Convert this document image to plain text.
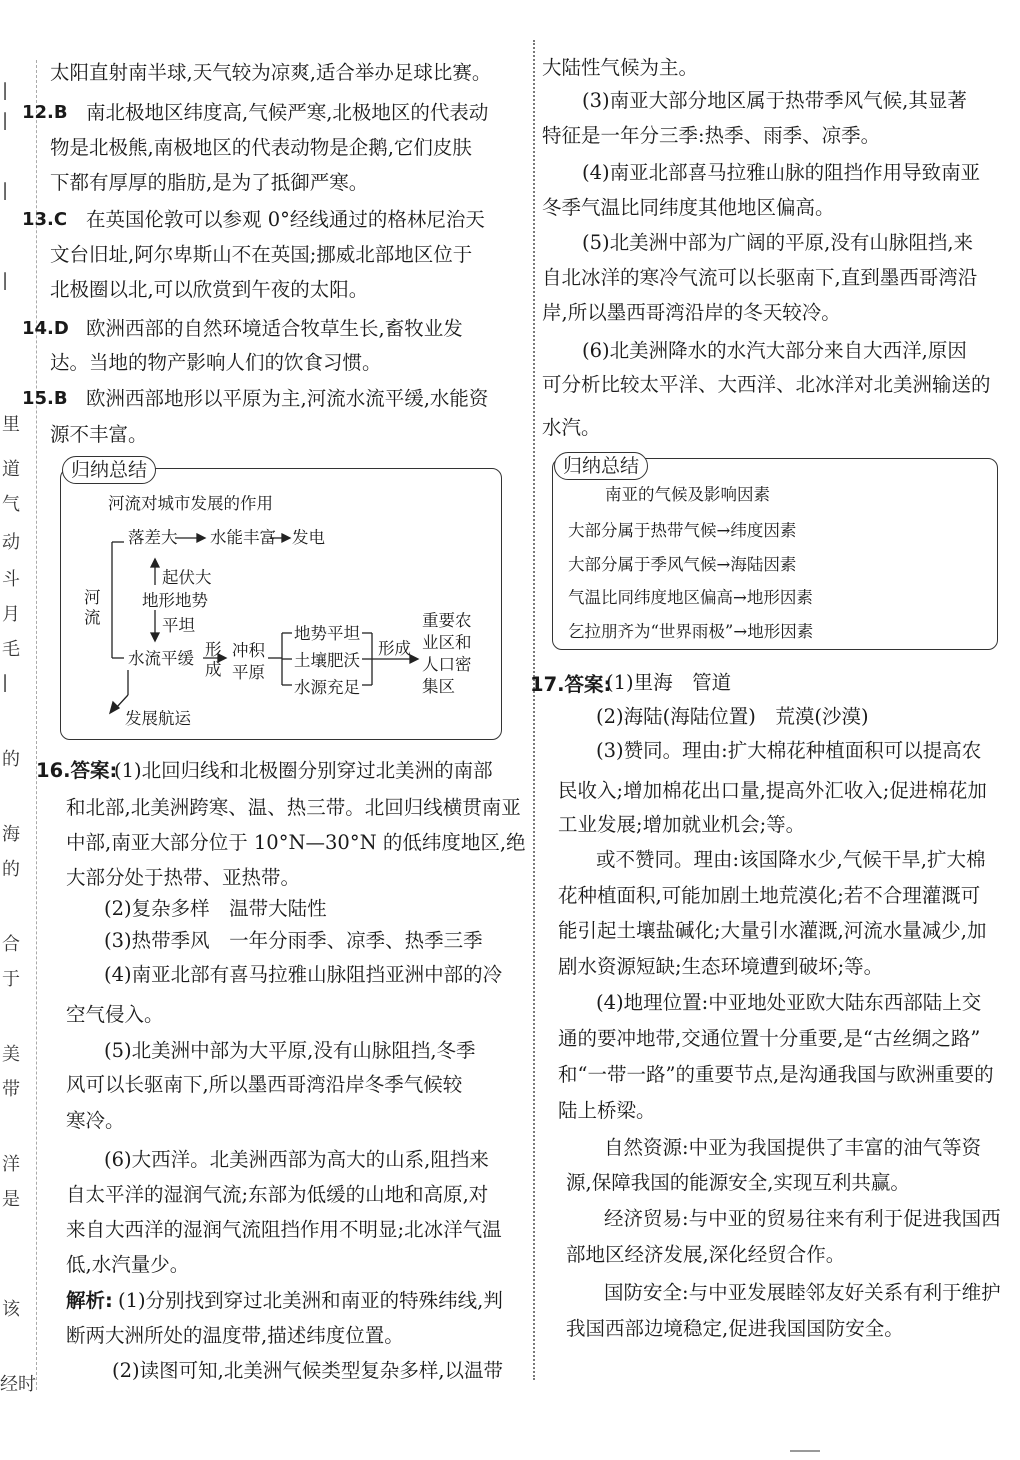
|
|
|
|
里
道
气
动
斗
月
毛
|
的
海
的
合
于
美
带
洋
是
该
经时
太阳直射南半球,天气较为凉爽,适合举办足球比赛。
12.B 南北极地区纬度高,气候严寒,北极地区的代表动
物是北极熊,南极地区的代表动物是企鹅,它们皮肤
下都有厚厚的脂肪,是为了抵御严寒。
13.C 在英国伦敦可以参观 0°经线通过的格林尼治天
文台旧址,阿尔卑斯山不在英国;挪威北部地区位于
北极圈以北,可以欣赏到午夜的太阳。
14.D 欧洲西部的自然环境适合牧草生长,畜牧业发
达。当地的物产影响人们的饮食习惯。
15.B 欧洲西部地形以平原为主,河流水流平缓,水能资
源不丰富。
归纳总结
河流对城市发展的作用
落差大 水能丰富 发电
起伏大
地形地势
平坦
河流
水流平缓 形成
冲积平原
地势平坦
土壤肥沃
水源充足
形成
重要农业区和人口密集区
发展航运
16.答案:
(1)北回归线和北极圈分别穿过北美洲的南部
和北部,北美洲跨寒、温、热三带。北回归线横贯南亚
中部,南亚大部分位于 10°N—30°N 的低纬度地区,绝
大部分处于热带、亚热带。
(2)复杂多样　温带大陆性
(3)热带季风　一年分雨季、凉季、热季三季
(4)南亚北部有喜马拉雅山脉阻挡亚洲中部的冷
空气侵入。
(5)北美洲中部为大平原,没有山脉阻挡,冬季
风可以长驱南下,所以墨西哥湾沿岸冬季气候较
寒冷。
(6)大西洋。北美洲西部为高大的山系,阻挡来
自太平洋的湿润气流;东部为低缓的山地和高原,对
来自大西洋的湿润气流阻挡作用不明显;北冰洋气温
低,水汽量少。
解析: (1)分别找到穿过北美洲和南亚的特殊纬线,判
断两大洲所处的温度带,描述纬度位置。
(2)读图可知,北美洲气候类型复杂多样,以温带
大陆性气候为主。
(3)南亚大部分地区属于热带季风气候,其显著
特征是一年分三季:热季、雨季、凉季。
(4)南亚北部喜马拉雅山脉的阻挡作用导致南亚
冬季气温比同纬度其他地区偏高。
(5)北美洲中部为广阔的平原,没有山脉阻挡,来
自北冰洋的寒冷气流可以长驱南下,直到墨西哥湾沿
岸,所以墨西哥湾沿岸的冬天较冷。
(6)北美洲降水的水汽大部分来自大西洋,原因
可分析比较太平洋、大西洋、北冰洋对北美洲输送的
水汽。
归纳总结
南亚的气候及影响因素
大部分属于热带气候→纬度因素
大部分属于季风气候→海陆因素
气温比同纬度地区偏高→地形因素
乞拉朋齐为“世界雨极”→地形因素
17.答案:
(1)里海　管道
(2)海陆(海陆位置)　荒漠(沙漠)
(3)赞同。理由:扩大棉花种植面积可以提高农
民收入;增加棉花出口量,提高外汇收入;促进棉花加
工业发展;增加就业机会;等。
或不赞同。理由:该国降水少,气候干旱,扩大棉
花种植面积,可能加剧土地荒漠化;若不合理灌溉可
能引起土壤盐碱化;大量引水灌溉,河流水量减少,加
剧水资源短缺;生态环境遭到破坏;等。
(4)地理位置:中亚地处亚欧大陆东西部陆上交
通的要冲地带,交通位置十分重要,是“古丝绸之路”
和“一带一路”的重要节点,是沟通我国与欧洲重要的
陆上桥梁。
自然资源:中亚为我国提供了丰富的油气等资
源,保障我国的能源安全,实现互利共赢。
经济贸易:与中亚的贸易往来有利于促进我国西
部地区经济发展,深化经贸合作。
国防安全:与中亚发展睦邻友好关系有利于维护
我国西部边境稳定,促进我国国防安全。
